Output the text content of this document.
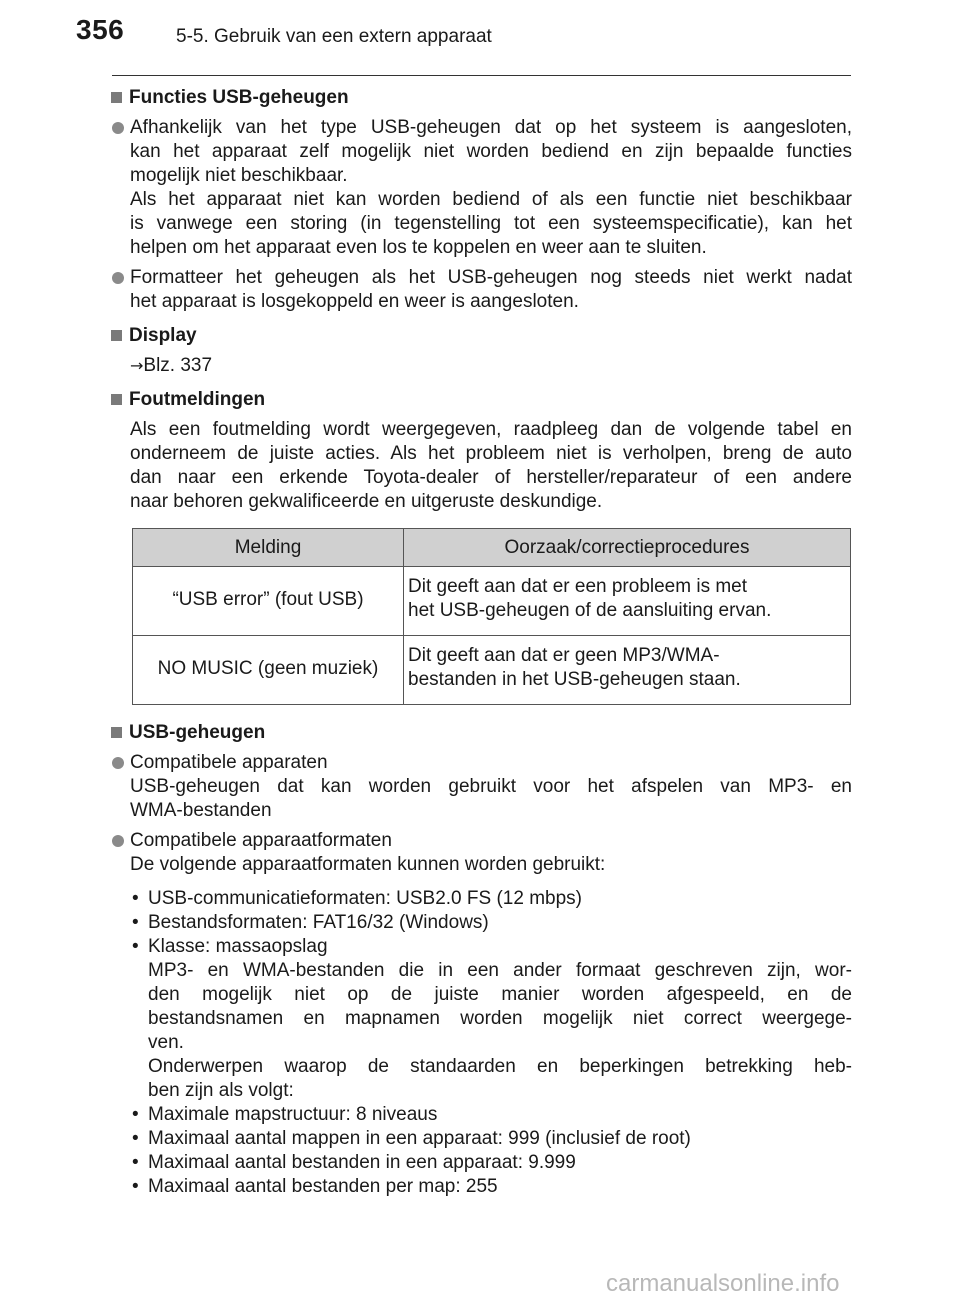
356	5-5. Gebruik van een extern apparaat
Functies USB-geheugen
Afhankelijk van het type USB-geheugen dat op het systeem is aangesloten,
kan het apparaat zelf mogelijk niet worden bediend en zijn bepaalde functies
mogelijk niet beschikbaar.
Als het apparaat niet kan worden bediend of als een functie niet beschikbaar
is vanwege een storing (in tegenstelling tot een systeemspecificatie), kan het
helpen om het apparaat even los te koppelen en weer aan te sluiten.
Formatteer het geheugen als het USB-geheugen nog steeds niet werkt nadat
het apparaat is losgekoppeld en weer is aangesloten.
Display
→Blz. 337
Foutmeldingen
Als een foutmelding wordt weergegeven, raadpleeg dan de volgende tabel en
onderneem de juiste acties. Als het probleem niet is verholpen, breng de auto
dan naar een erkende Toyota-dealer of hersteller/reparateur of een andere
naar behoren gekwalificeerde en uitgeruste deskundige.
Melding	Oorzaak/correctieprocedures
“USB error” (fout USB)	Dit geeft aan dat er een probleem is met
het USB-geheugen of de aansluiting ervan.

NO MUSIC (geen muziek)	Dit geeft aan dat er geen MP3/WMA-
bestanden in het USB-geheugen staan.
USB-geheugen
Compatibele apparaten
USB-geheugen dat kan worden gebruikt voor het afspelen van MP3- en
WMA-bestanden
Compatibele apparaatformaten
De volgende apparaatformaten kunnen worden gebruikt:
• USB-communicatieformaten: USB2.0 FS (12 mbps)
• Bestandsformaten: FAT16/32 (Windows)
• Klasse: massaopslag
MP3- en WMA-bestanden die in een ander formaat geschreven zijn, wor-
den mogelijk niet op de juiste manier worden afgespeeld, en de
bestandsnamen en mapnamen worden mogelijk niet correct weergege-
ven.
Onderwerpen waarop de standaarden en beperkingen betrekking heb-
ben zijn als volgt:
• Maximale mapstructuur: 8 niveaus
• Maximaal aantal mappen in een apparaat: 999 (inclusief de root)
• Maximaal aantal bestanden in een apparaat: 9.999
• Maximaal aantal bestanden per map: 255
carmanualsonline.info
